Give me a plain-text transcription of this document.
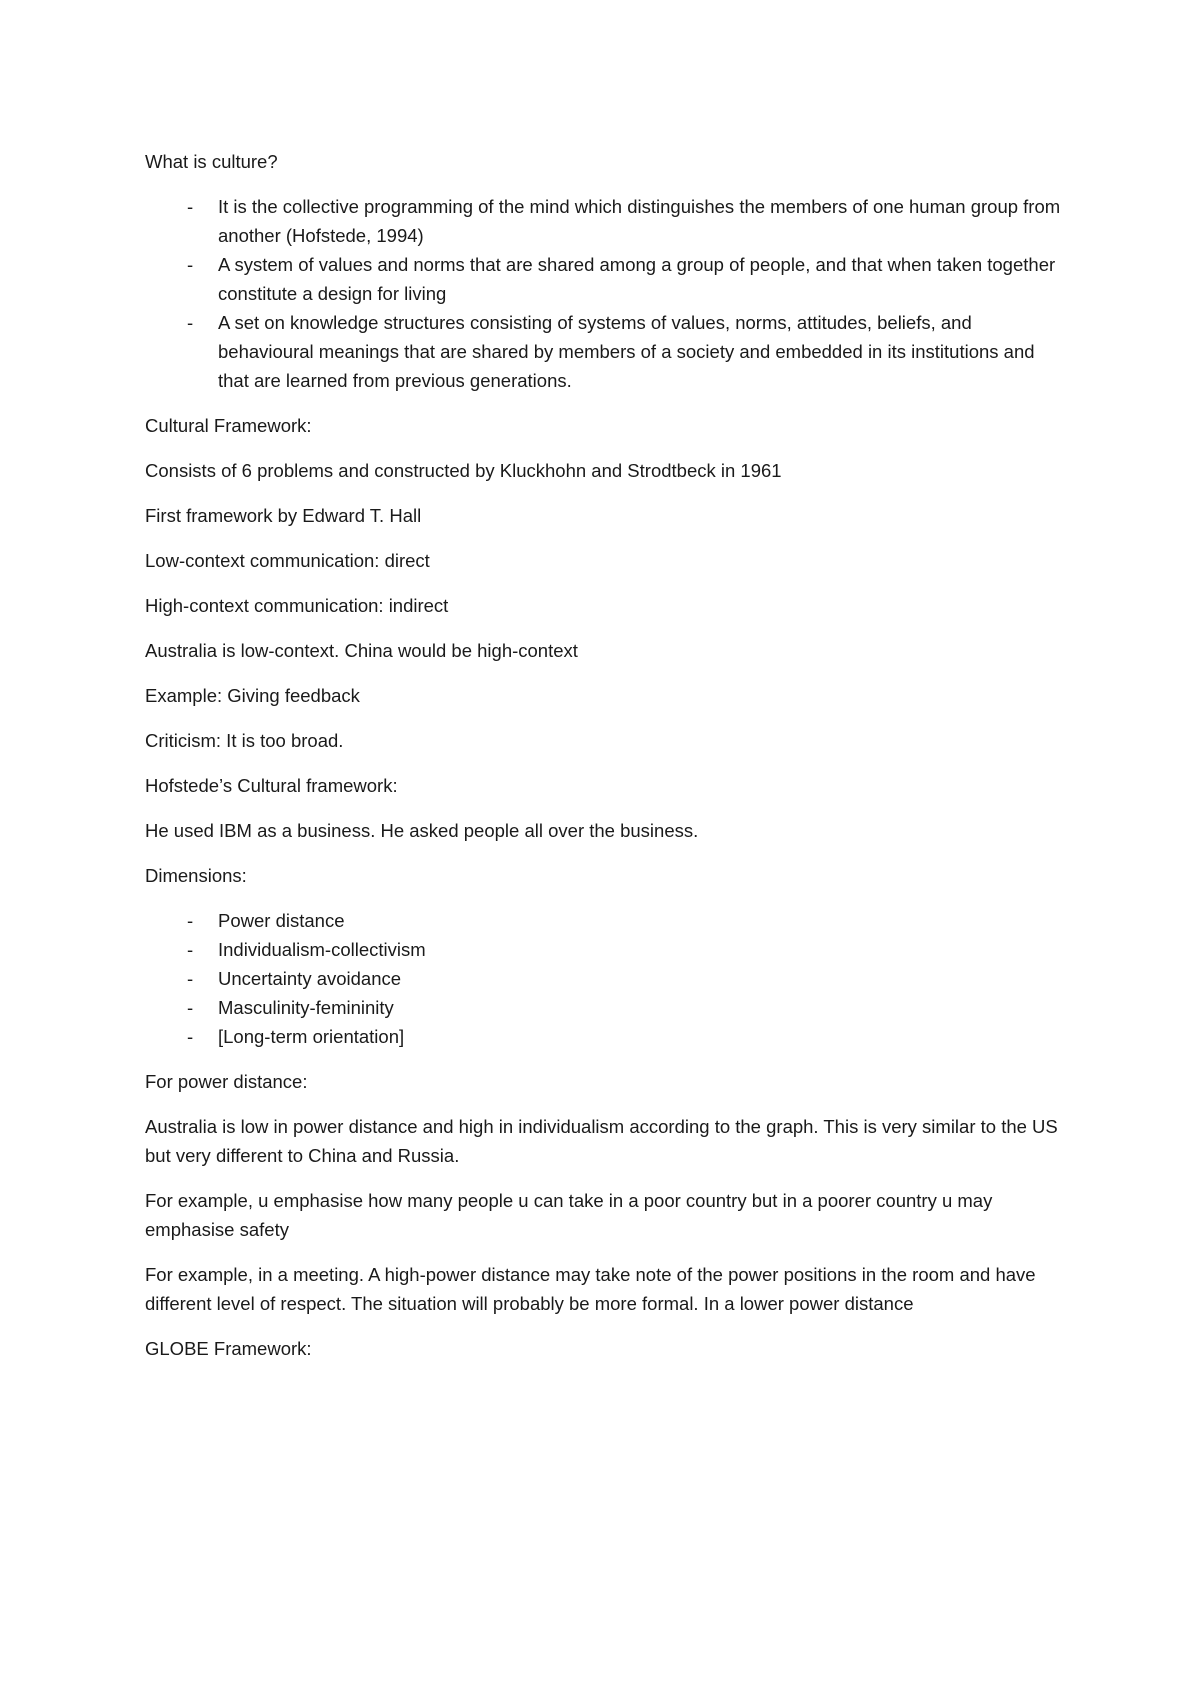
What is culture?

- It is the collective programming of the mind which distinguishes the members of one human group from another (Hofstede, 1994)
- A system of values and norms that are shared among a group of people, and that when taken together constitute a design for living
- A set on knowledge structures consisting of systems of values, norms, attitudes, beliefs, and behavioural meanings that are shared by members of a society and embedded in its institutions and that are learned from previous generations.

Cultural Framework:

Consists of 6 problems and constructed by Kluckhohn and Strodtbeck in 1961

First framework by Edward T. Hall

Low-context communication: direct

High-context communication: indirect

Australia is low-context. China would be high-context

Example: Giving feedback

Criticism: It is too broad.

Hofstede’s Cultural framework:

He used IBM as a business. He asked people all over the business.

Dimensions:

- Power distance
- Individualism-collectivism
- Uncertainty avoidance
- Masculinity-femininity
- [Long-term orientation]

For power distance:

Australia is low in power distance and high in individualism according to the graph. This is very similar to the US but very different to China and Russia.

For example, u emphasise how many people u can take in a poor country but in a poorer country u may emphasise safety

For example, in a meeting. A high-power distance may take note of the power positions in the room and have different level of respect. The situation will probably be more formal. In a lower power distance

GLOBE Framework:
